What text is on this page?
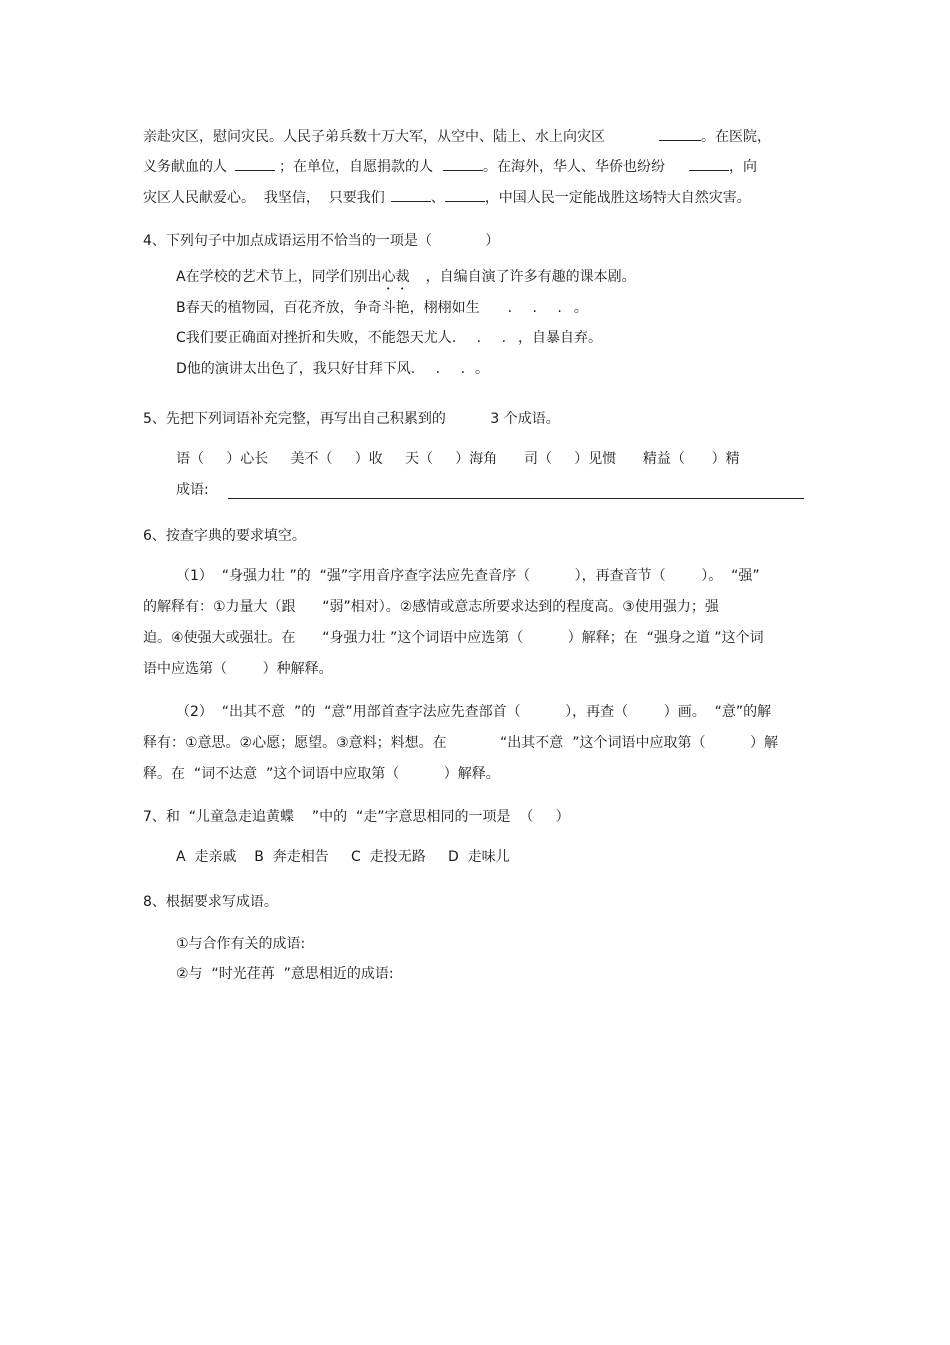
亲赴灾区，慰问灾民。人民子弟兵数十万大军，从空中、陆上、水上向灾区	。在医院，
义务献血的人	；在单位，自愿捐款的人	。在海外，华人、华侨也纷纷	，向
灾区人民献爱心。  我坚信，  只要我们	、	，中国人民一定能战胜这场特大自然灾害。
4、下列句子中加点成语运用不恰当的一项是（            ）
A在学校的艺术节上，同学们别出心裁 ，自编自演了许多有趣的课本剧。
B春天的植物园，百花齐放，争奇斗艳，栩栩如生 . . . 。
C我们要正确面对挫折和失败，不能怨天尤人. . . ，自暴自弃。
D他的演讲太出色了，我只好甘拜下风. . . 。
5、先把下列词语补充完整，再写出自己积累到的          3 个成语。
语（     ）心长     美不（     ）收     天（     ）海角      司（     ）见惯      精益（      ）精
成语:
6、按查字典的要求填空。
（1）  “身强力壮 ”的  “强”字用音序查字法应先查音序（          ），再查音节（        ）。  “强”
的解释有：①力量大（跟      “弱”相对）。②感情或意志所要求达到的程度高。③使用强力；强
迫。④使强大或强壮。在      “身强力壮 ”这个词语中应选第（          ）解释；在  “强身之道 ”这个词
语中应选第（        ）种解释。
（2）  “出其不意  ”的  “意”用部首查字法应先查部首（          ），再查（        ）画。  “意”的解
释有：①意思。②心愿；愿望。③意料；料想。在            “出其不意  ”这个词语中应取第（          ）解
释。在  “词不达意  ”这个词语中应取第（          ）解释。
7、和  “儿童急走追黄蝶    ”中的  “走”字意思相同的一项是  （     ）
A  走亲戚    B  奔走相告     C  走投无路     D  走味儿
8、根据要求写成语。
①与合作有关的成语:
②与  “时光荏苒  ”意思相近的成语:
